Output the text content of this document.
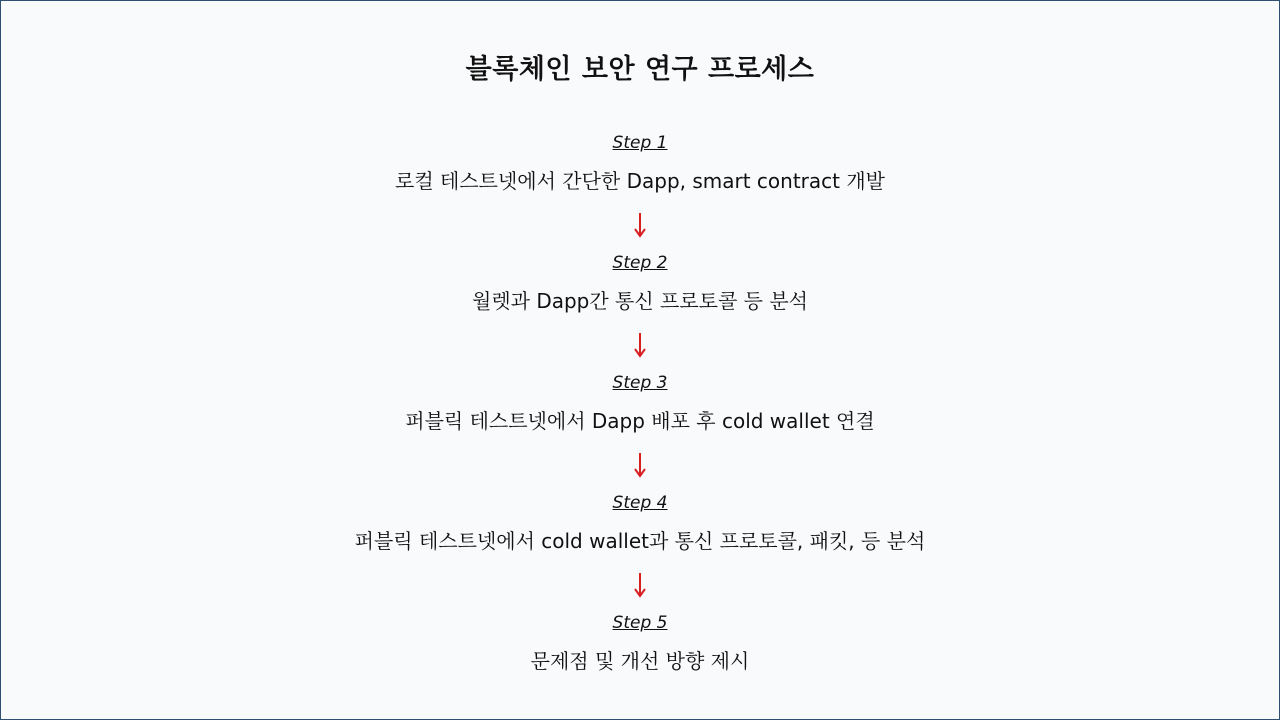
블록체인 보안 연구 프로세스
Step 1
로컬 테스트넷에서 간단한 Dapp, smart contract 개발
Step 2
월렛과 Dapp간 통신 프로토콜 등 분석
Step 3
퍼블릭 테스트넷에서 Dapp 배포 후 cold wallet 연결
Step 4
퍼블릭 테스트넷에서 cold wallet과 통신 프로토콜, 패킷, 등 분석
Step 5
문제점 및 개선 방향 제시
